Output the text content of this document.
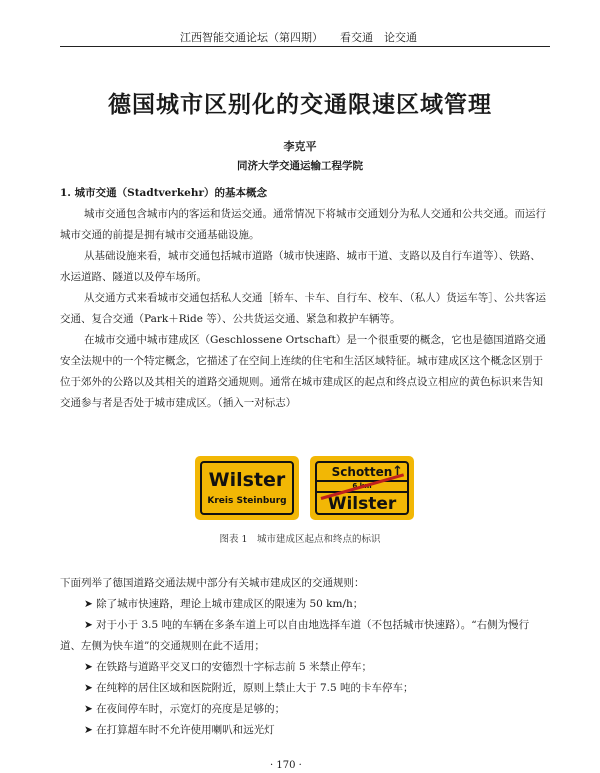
江西智能交通论坛（第四期） 看交通　论交通
德国城市区别化的交通限速区域管理
李克平
同济大学交通运输工程学院

1. 城市交通（Stadtverkehr）的基本概念

城市交通包含城市内的客运和货运交通。通常情况下将城市交通划分为私人交通和公共交通。而运行城市交通的前提是拥有城市交通基础设施。

从基础设施来看，城市交通包括城市道路（城市快速路、城市干道、支路以及自行车道等）、铁路、水运道路、隧道以及停车场所。

从交通方式来看城市交通包括私人交通［轿车、卡车、自行车、校车、（私人）货运车等］、公共客运交通、复合交通（Park＋Ride 等）、公共货运交通、紧急和救护车辆等。

在城市交通中城市建成区（Geschlossene Ortschaft）是一个很重要的概念，它也是德国道路交通安全法规中的一个特定概念，它描述了在空间上连续的住宅和生活区域特征。城市建成区这个概念区别于位于郊外的公路以及其相关的道路交通规则。通常在城市建成区的起点和终点设立相应的黄色标识来告知交通参与者是否处于城市建成区。（插入一对标志）

Wilster
Kreis Steinburg
Schotten ↑
6 km
Wilster
图表 1　城市建成区起点和终点的标识

下面列举了德国道路交通法规中部分有关城市建成区的交通规则：

➤ 除了城市快速路，理论上城市建成区的限速为 50 km/h；

➤ 对于小于 3.5 吨的车辆在多条车道上可以自由地选择车道（不包括城市快速路）。“右侧为慢行道、左侧为快车道”的交通规则在此不适用；

➤ 在铁路与道路平交叉口的安德烈十字标志前 5 米禁止停车；

➤ 在纯粹的居住区域和医院附近，原则上禁止大于 7.5 吨的卡车停车；

➤ 在夜间停车时，示宽灯的亮度是足够的；

➤ 在打算超车时不允许使用喇叭和远光灯

· 170 ·
